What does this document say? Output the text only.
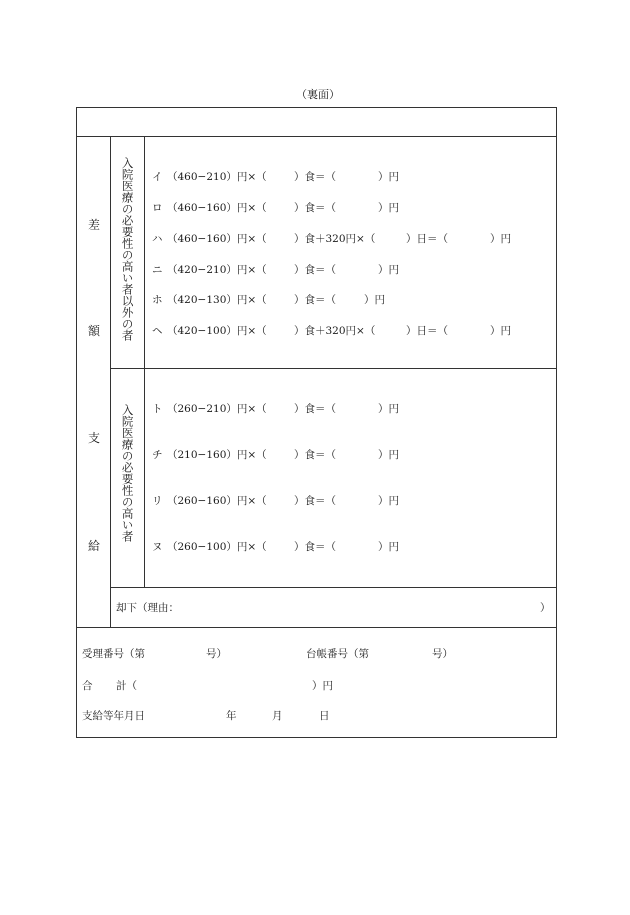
（裏面）
差
額
支
給
入院医療の必要性の高い者以外の者
入院医療の必要性の高い者
イ （460−210）円×（	）食＝（	）円
ロ （460−160）円×（	）食＝（	）円
ハ （460−160）円×（	）食＋320円×（	）日＝（	）円
ニ （420−210）円×（	）食＝（	）円
ホ （420−130）円×（	）食＝（	）円
ヘ （420−100）円×（	）食＋320円×（	）日＝（	）円
ト （260−210）円×（	）食＝（	）円
チ （210−160）円×（	）食＝（	）円
リ （260−160）円×（	）食＝（	）円
ヌ （260−100）円×（	）食＝（	）円
却下（理由：	）
受理番号（第	号）	台帳番号（第	号）
合 計（	）円
支給等年月日	年	月	日
